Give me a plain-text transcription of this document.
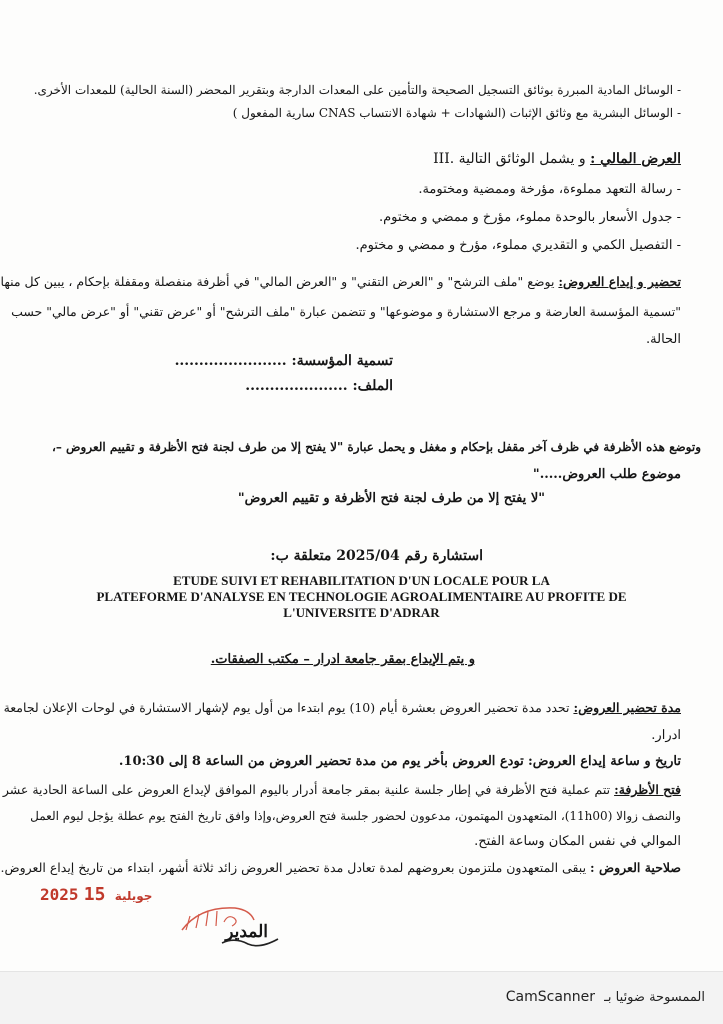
- الوسائل المادية المبررة بوثائق التسجيل الصحيحة والتأمين على المعدات الدارجة وبتقرير المحضر (السنة الحالية) للمعدات الأخرى.
- الوسائل البشرية مع وثائق الإثبات (الشهادات + شهادة الانتساب CNAS سارية المفعول )
III.	العرض المالي : و يشمل الوثائق التالية
- رسالة التعهد مملوءة، مؤرخة وممضية ومختومة.
- جدول الأسعار بالوحدة مملوء، مؤرخ و ممضي و مختوم.
- التفصيل الكمي و التقديري مملوء، مؤرخ و ممضي و مختوم.
تحضير و إيداع العروض: يوضع "ملف الترشح" و "العرض التقني" و "العرض المالي" في أظرفة منفصلة ومقفلة بإحكام ، يبين كل منها
"تسمية المؤسسة العارضة و مرجع الاستشارة و موضوعها" و تتضمن عبارة "ملف الترشح" أو "عرض تقني" أو "عرض مالي" حسب
الحالة.
تسمية المؤسسة: .......................
الملف: .....................
وتوضع هذه الأظرفة في ظرف آخر مقفل بإحكام و مغفل و يحمل عبارة "لا يفتح إلا من طرف لجنة فتح الأظرفة و تقييم العروض –،
موضوع طلب العروض....."
"لا يفتح إلا من طرف لجنة فتح الأظرفة و تقييم العروض"
استشارة رقم 2025/04 متعلقة ب:
ETUDE SUIVI ET REHABILITATION D'UN LOCALE POUR LA
PLATEFORME D'ANALYSE EN TECHNOLOGIE AGROALIMENTAIRE AU PROFITE DE
L'UNIVERSITE D'ADRAR
و يتم الإيداع بمقر جامعة ادرار – مكتب الصفقات.
مدة تحضير العروض: تحدد مدة تحضير العروض بعشرة أيام (10) يوم ابتدءا من أول يوم لإشهار الاستشارة في لوحات الإعلان لجامعة
ادرار.
تاريخ و ساعة إيداع العروض: تودع العروض بأخر يوم من مدة تحضير العروض من الساعة 8 إلى 10:30.
فتح الأظرفة: تتم عملية فتح الأظرفة في إطار جلسة علنية بمقر جامعة أدرار باليوم الموافق لإيداع العروض على الساعة الحادية عشر
والنصف زوالا (11h00)، المتعهدون المهتمون، مدعوون لحضور جلسة فتح العروض،وإذا وافق تاريخ الفتح يوم عطلة يؤجل ليوم العمل
الموالي في نفس المكان وساعة الفتح.
صلاحية العروض : يبقى المتعهدون ملتزمون بعروضهم لمدة تعادل مدة تحضير العروض زائد ثلاثة أشهر، ابتداء من تاريخ إيداع العروض.
2025	جويلية 15
المدير
CamScanner الممسوحة ضوئيا بـ
